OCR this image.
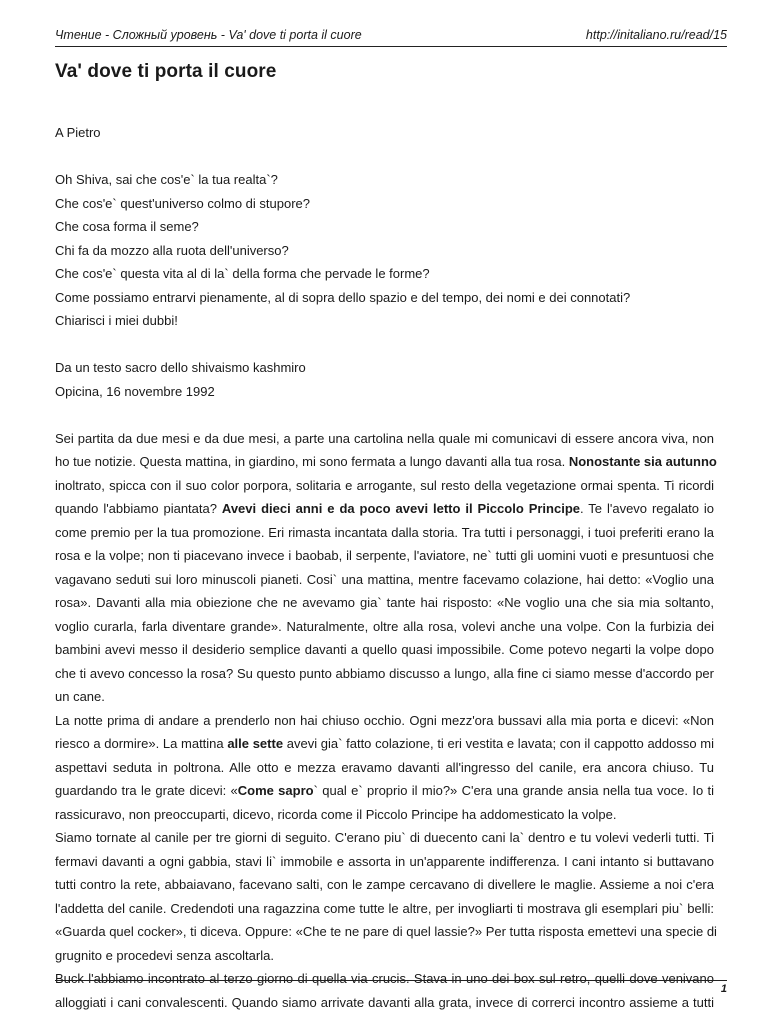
Чтение - Сложный уровень - Va' dove ti porta il cuore	http://initaliano.ru/read/15
Va' dove ti porta il cuore
A Pietro
Oh Shiva, sai che cos'e` la tua realta`?
Che cos'e` quest'universo colmo di stupore?
Che cosa forma il seme?
Chi fa da mozzo alla ruota dell'universo?
Che cos'e` questa vita al di la` della forma che pervade le forme?
Come possiamo entrarvi pienamente, al di sopra dello spazio e del tempo, dei nomi e dei connotati?
Chiarisci i miei dubbi!
Da un testo sacro dello shivaismo kashmiro
Opicina, 16 novembre 1992
Sei partita da due mesi e da due mesi, a parte una cartolina nella quale mi comunicavi di essere ancora viva, non
ho tue notizie. Questa mattina, in giardino, mi sono fermata a lungo davanti alla tua rosa. Nonostante sia autunno
inoltrato, spicca con il suo color porpora, solitaria e arrogante, sul resto della vegetazione ormai spenta. Ti ricordi
quando l'abbiamo piantata? Avevi dieci anni e da poco avevi letto il Piccolo Principe. Te l'avevo regalato io
come premio per la tua promozione. Eri rimasta incantata dalla storia. Tra tutti i personaggi, i tuoi preferiti erano la
rosa e la volpe; non ti piacevano invece i baobab, il serpente, l'aviatore, ne` tutti gli uomini vuoti e presuntuosi che
vagavano seduti sui loro minuscoli pianeti. Cosi` una mattina, mentre facevamo colazione, hai detto: «Voglio una
rosa». Davanti alla mia obiezione che ne avevamo gia` tante hai risposto: «Ne voglio una che sia mia soltanto,
voglio curarla, farla diventare grande». Naturalmente, oltre alla rosa, volevi anche una volpe. Con la furbizia dei
bambini avevi messo il desiderio semplice davanti a quello quasi impossibile. Come potevo negarti la volpe dopo
che ti avevo concesso la rosa? Su questo punto abbiamo discusso a lungo, alla fine ci siamo messe d'accordo per
un cane.
La notte prima di andare a prenderlo non hai chiuso occhio. Ogni mezz'ora bussavi alla mia porta e dicevi: «Non
riesco a dormire». La mattina alle sette avevi gia` fatto colazione, ti eri vestita e lavata; con il cappotto addosso mi
aspettavi seduta in poltrona. Alle otto e mezza eravamo davanti all'ingresso del canile, era ancora chiuso. Tu
guardando tra le grate dicevi: «Come sapro` qual e` proprio il mio?» C'era una grande ansia nella tua voce. Io ti
rassicuravo, non preoccuparti, dicevo, ricorda come il Piccolo Principe ha addomesticato la volpe.
Siamo tornate al canile per tre giorni di seguito. C'erano piu` di duecento cani la` dentro e tu volevi vederli tutti. Ti
fermavi davanti a ogni gabbia, stavi li` immobile e assorta in un'apparente indifferenza. I cani intanto si buttavano
tutti contro la rete, abbaiavano, facevano salti, con le zampe cercavano di divellere le maglie. Assieme a noi c'era
l'addetta del canile. Credendoti una ragazzina come tutte le altre, per invogliarti ti mostrava gli esemplari piu` belli:
«Guarda quel cocker», ti diceva. Oppure: «Che te ne pare di quel lassie?» Per tutta risposta emettevi una specie di
grugnito e procedevi senza ascoltarla.
Buck l'abbiamo incontrato al terzo giorno di quella via crucis. Stava in uno dei box sul retro, quelli dove venivano
alloggiati i cani convalescenti. Quando siamo arrivate davanti alla grata, invece di correrci incontro assieme a tutti
1
